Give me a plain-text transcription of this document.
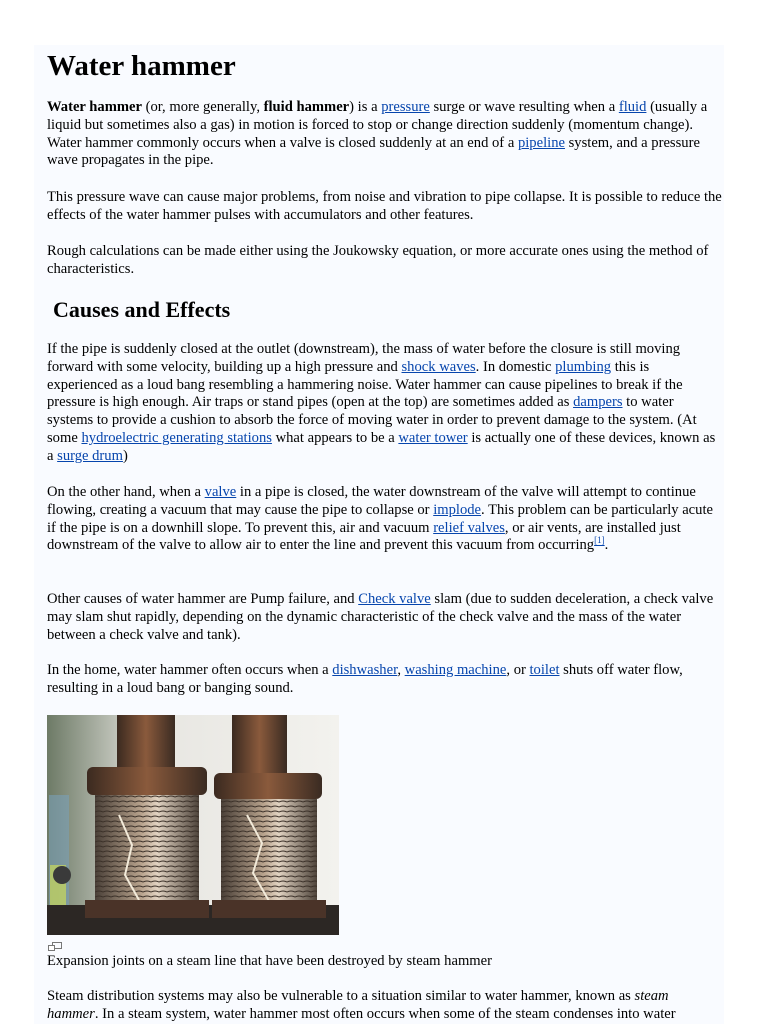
Water hammer

Water hammer (or, more generally, fluid hammer) is a pressure surge or wave resulting when a fluid (usually a liquid but sometimes also a gas) in motion is forced to stop or change direction suddenly (momentum change). Water hammer commonly occurs when a valve is closed suddenly at an end of a pipeline system, and a pressure wave propagates in the pipe.

This pressure wave can cause major problems, from noise and vibration to pipe collapse. It is possible to reduce the effects of the water hammer pulses with accumulators and other features.

Rough calculations can be made either using the Joukowsky equation, or more accurate ones using the method of characteristics.

Causes and Effects

If the pipe is suddenly closed at the outlet (downstream), the mass of water before the closure is still moving forward with some velocity, building up a high pressure and shock waves. In domestic plumbing this is experienced as a loud bang resembling a hammering noise. Water hammer can cause pipelines to break if the pressure is high enough. Air traps or stand pipes (open at the top) are sometimes added as dampers to water systems to provide a cushion to absorb the force of moving water in order to prevent damage to the system. (At some hydroelectric generating stations what appears to be a water tower is actually one of these devices, known as a surge drum)

On the other hand, when a valve in a pipe is closed, the water downstream of the valve will attempt to continue flowing, creating a vacuum that may cause the pipe to collapse or implode. This problem can be particularly acute if the pipe is on a downhill slope. To prevent this, air and vacuum relief valves, or air vents, are installed just downstream of the valve to allow air to enter the line and prevent this vacuum from occurring[1].

Other causes of water hammer are Pump failure, and Check valve slam (due to sudden deceleration, a check valve may slam shut rapidly, depending on the dynamic characteristic of the check valve and the mass of the water between a check valve and tank).

In the home, water hammer often occurs when a dishwasher, washing machine, or toilet shuts off water flow, resulting in a loud bang or banging sound.

Expansion joints on a steam line that have been destroyed by steam hammer

Steam distribution systems may also be vulnerable to a situation similar to water hammer, known as steam hammer. In a steam system, water hammer most often occurs when some of the steam condenses into water
